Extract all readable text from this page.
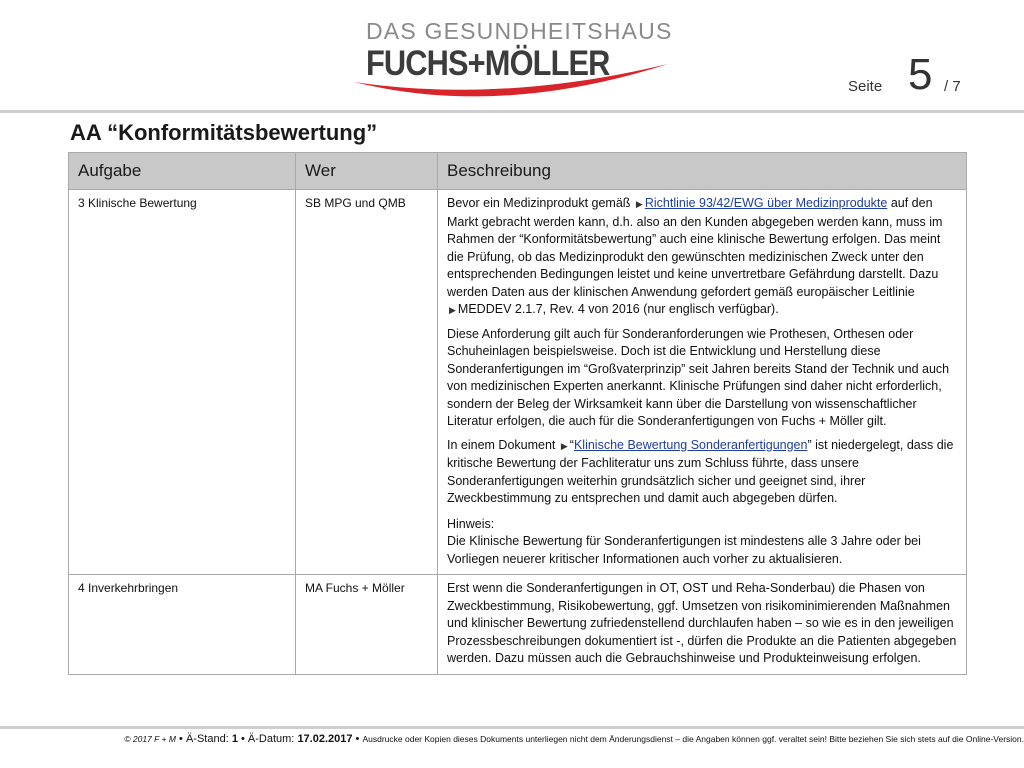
DAS GESUNDHEITSHAUS
FUCHS+MÖLLER
Seite 5 / 7
AA “Konformitätsbewertung”
Aufgabe	Wer	Beschreibung
3 Klinische Bewertung	SB MPG und QMB	Bevor ein Medizinprodukt gemäß ▶ Richtlinie 93/42/EWG über Medizinprodukte auf den Markt gebracht werden kann, d.h. also an den Kunden abgegeben werden kann, muss im Rahmen der “Konformitätsbewertung” auch eine klinische Bewertung erfolgen. Das meint die Prüfung, ob das Medizinprodukt den gewünschten medizinischen Zweck unter den entsprechenden Bedingungen leistet und keine unvertretbare Gefährdung darstellt. Dazu werden Daten aus der klinischen Anwendung gefordert gemäß europäischer Leitlinie ▶ MEDDEV 2.1.7, Rev. 4 von 2016 (nur englisch verfügbar).
Diese Anforderung gilt auch für Sonderanforderungen wie Prothesen, Orthesen oder Schuheinlagen beispielsweise. Doch ist die Entwicklung und Herstellung diese Sonderanfertigungen im “Großvaterprinzip” seit Jahren bereits Stand der Technik und auch von medizinischen Experten anerkannt. Klinische Prüfungen sind daher nicht erforderlich, sondern der Beleg der Wirksamkeit kann über die Darstellung von wissenschaftlicher Literatur erfolgen, die auch für die Sonderanfertigungen von Fuchs + Möller gilt.
In einem Dokument ▶ “Klinische Bewertung Sonderanfertigungen” ist niedergelegt, dass die kritische Bewertung der Fachliteratur uns zum Schluss führte, dass unsere Sonderanfertigungen weiterhin grundsätzlich sicher und geeignet sind, ihrer Zweckbestimmung zu entsprechen und damit auch abgegeben dürfen.
Hinweis:
Die Klinische Bewertung für Sonderanfertigungen ist mindestens alle 3 Jahre oder bei Vorliegen neuerer kritischer Informationen auch vorher zu aktualisieren.

4 Inverkehrbringen	MA Fuchs + Möller	Erst wenn die Sonderanfertigungen in OT, OST und Reha-Sonderbau) die Phasen von Zweckbestimmung, Risikobewertung, ggf. Umsetzen von risikominimierenden Maßnahmen und klinischer Bewertung zufriedenstellend durchlaufen haben – so wie es in den jeweiligen Prozessbeschreibungen dokumentiert ist -, dürfen die Produkte an die Patienten abgegeben werden. Dazu müssen auch die Gebrauchshinweise und Produkteinweisung erfolgen.
© 2017 F + M • Ä-Stand: 1 • Ä-Datum: 17.02.2017 • Ausdrucke oder Kopien dieses Dokuments unterliegen nicht dem Änderungsdienst – die Angaben können ggf. veraltet sein! Bitte beziehen Sie sich stets auf die Online-Version.
